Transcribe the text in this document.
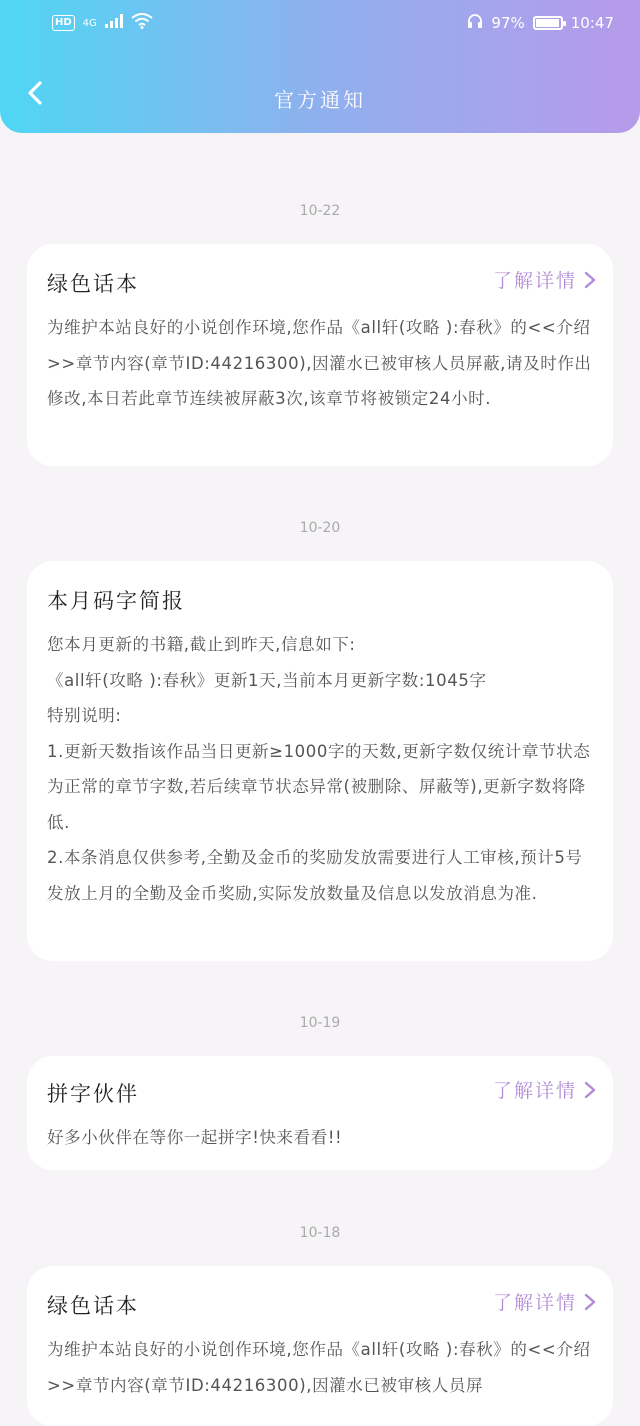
HD	4G	97%	10:47
官方通知
10-22
绿色话本	了解详情

为维护本站良好的小说创作环境,您作品《all轩(攻略 ):春秋》的<<介绍>>章节内容(章节ID:44216300),因灌水已被审核人员屏蔽,请及时作出修改,本日若此章节连续被屏蔽3次,该章节将被锁定24小时.

10-20
本月码字简报

您本月更新的书籍,截止到昨天,信息如下:

《all轩(攻略 ):春秋》更新1天,当前本月更新字数:1045字

特别说明:

1.更新天数指该作品当日更新≥1000字的天数,更新字数仅统计章节状态为正常的章节字数,若后续章节状态异常(被删除、屏蔽等),更新字数将降低.

2.本条消息仅供参考,全勤及金币的奖励发放需要进行人工审核,预计5号发放上月的全勤及金币奖励,实际发放数量及信息以发放消息为准.

10-19
拼字伙伴	了解详情

好多小伙伴在等你一起拼字!快来看看!!

10-18
绿色话本	了解详情

为维护本站良好的小说创作环境,您作品《all轩(攻略 ):春秋》的<<介绍>>章节内容(章节ID:44216300),因灌水已被审核人员屏
